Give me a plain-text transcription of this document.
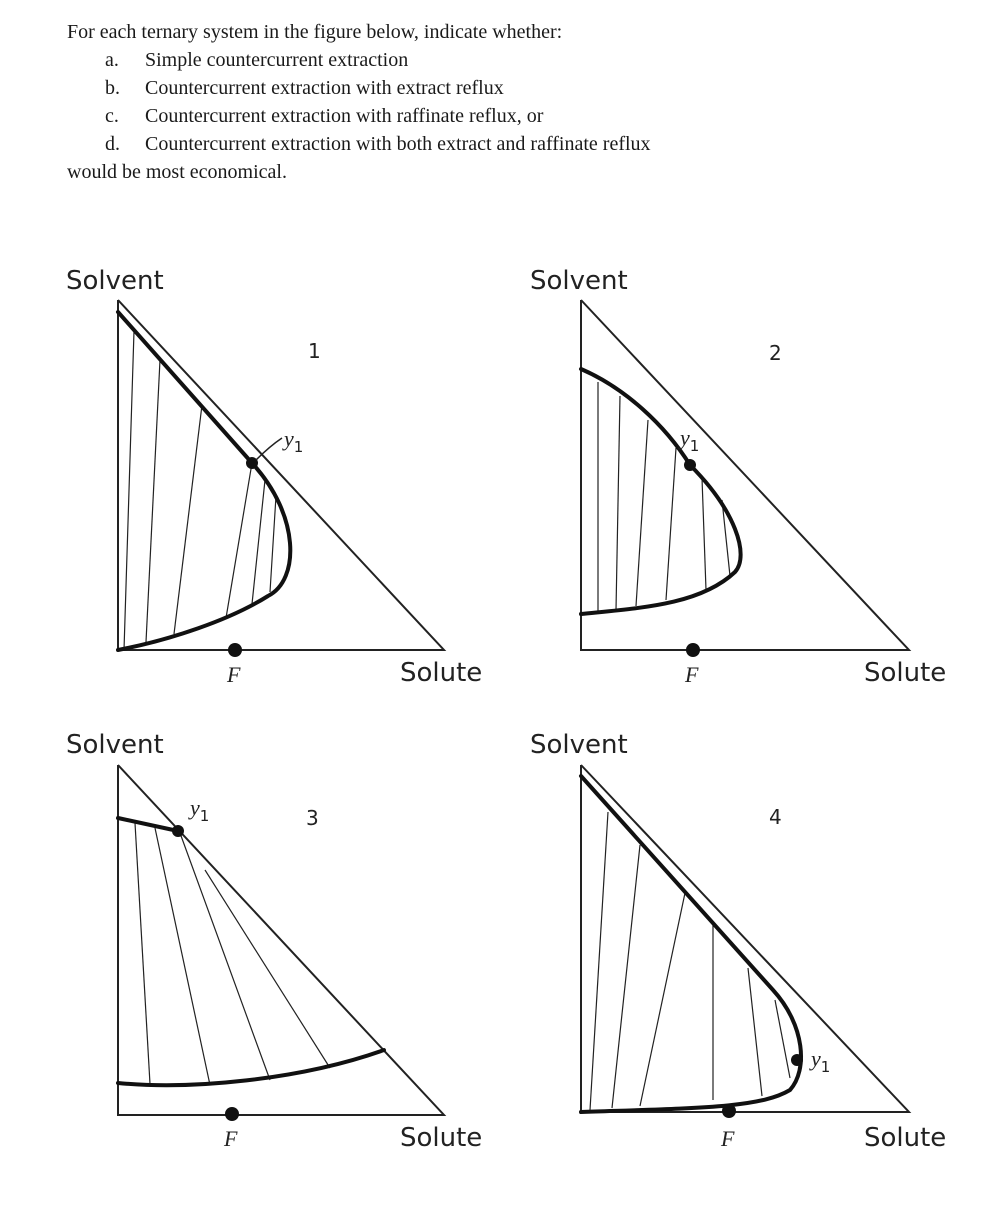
For each ternary system in the figure below, indicate whether:
a. Simple countercurrent extraction
b. Countercurrent extraction with extract reflux
c. Countercurrent extraction with raffinate reflux, or
d. Countercurrent extraction with both extract and raffinate reflux
would be most economical.
Solvent
1
Solute
y1
F
Solvent
2
Solute
y1
F
Solvent
3
Solute
y1
F
Solvent
4
Solute
y1
F
